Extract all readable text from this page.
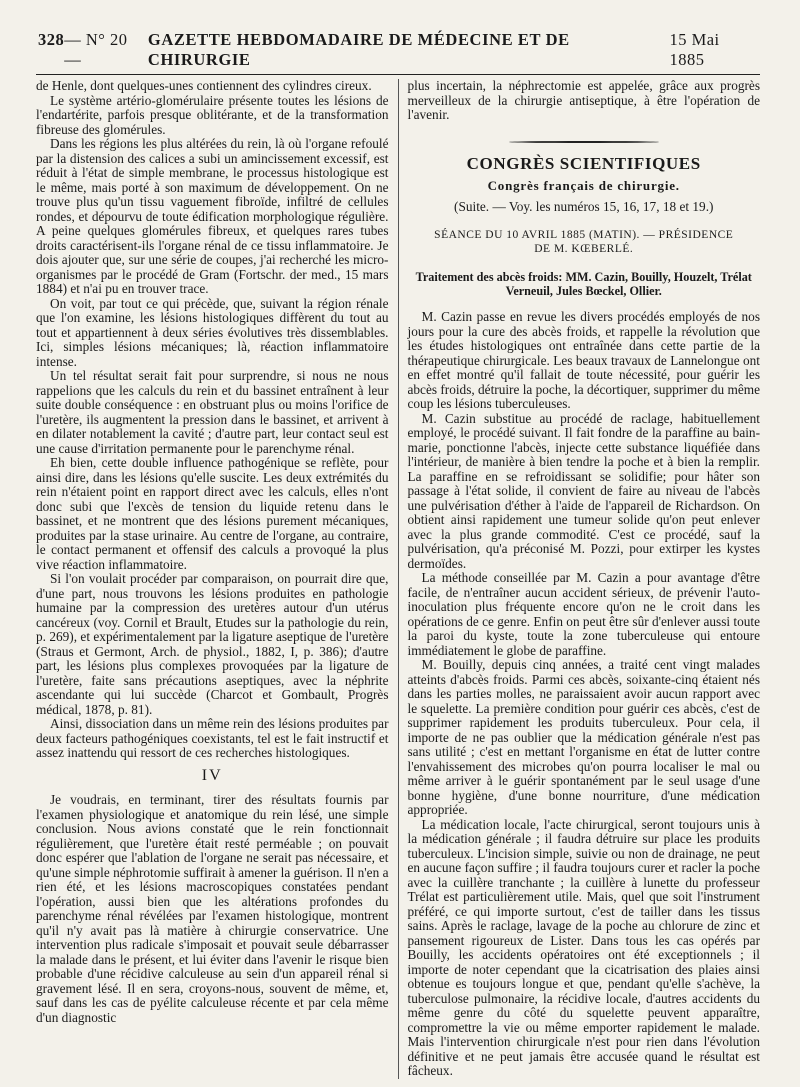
328 — N° 20 —
GAZETTE HEBDOMADAIRE DE MÉDECINE ET DE CHIRURGIE
15 Mai 1885

de Henle, dont quelques-unes contiennent des cylindres cireux.

Le système artério-glomérulaire présente toutes les lésions de l'endartérite, parfois presque oblitérante, et de la transformation fibreuse des glomérules.

Dans les régions les plus altérées du rein, là où l'organe refoulé par la distension des calices a subi un amincissement excessif, est réduit à l'état de simple membrane, le processus histologique est le même, mais porté à son maximum de développement. On ne trouve plus qu'un tissu vaguement fibroïde, infiltré de cellules rondes, et dépourvu de toute édification morphologique régulière. A peine quelques glomérules fibreux, et quelques rares tubes droits caractérisent-ils l'organe rénal de ce tissu inflammatoire. Je dois ajouter que, sur une série de coupes, j'ai recherché les micro-organismes par le procédé de Gram (Fortschr. der med., 15 mars 1884) et n'ai pu en trouver trace.

On voit, par tout ce qui précède, que, suivant la région rénale que l'on examine, les lésions histologiques diffèrent du tout au tout et appartiennent à deux séries évolutives très dissemblables. Ici, simples lésions mécaniques; là, réaction inflammatoire intense.

Un tel résultat serait fait pour surprendre, si nous ne nous rappelions que les calculs du rein et du bassinet entraînent à leur suite double conséquence : en obstruant plus ou moins l'orifice de l'uretère, ils augmentent la pression dans le bassinet, et arrivent à en dilater notablement la cavité ; d'autre part, leur contact seul est une cause d'irritation permanente pour le parenchyme rénal.

Eh bien, cette double influence pathogénique se reflète, pour ainsi dire, dans les lésions qu'elle suscite. Les deux extrémités du rein n'étaient point en rapport direct avec les calculs, elles n'ont donc subi que l'excès de tension du liquide retenu dans le bassinet, et ne montrent que des lésions purement mécaniques, produites par la stase urinaire. Au centre de l'organe, au contraire, le contact permanent et offensif des calculs a provoqué la plus vive réaction inflammatoire.

Si l'on voulait procéder par comparaison, on pourrait dire que, d'une part, nous trouvons les lésions produites en pathologie humaine par la compression des uretères autour d'un utérus cancéreux (voy. Cornil et Brault, Etudes sur la pathologie du rein, p. 269), et expérimentalement par la ligature aseptique de l'uretère (Straus et Germont, Arch. de physiol., 1882, I, p. 386); d'autre part, les lésions plus complexes provoquées par la ligature de l'uretère, faite sans précautions aseptiques, avec la néphrite ascendante qui lui succède (Charcot et Gombault, Progrès médical, 1878, p. 81).

Ainsi, dissociation dans un même rein des lésions produites par deux facteurs pathogéniques coexistants, tel est le fait instructif et assez inattendu qui ressort de ces recherches histologiques.

IV

Je voudrais, en terminant, tirer des résultats fournis par l'examen physiologique et anatomique du rein lésé, une simple conclusion. Nous avions constaté que le rein fonctionnait régulièrement, que l'uretère était resté perméable ; on pouvait donc espérer que l'ablation de l'organe ne serait pas nécessaire, et qu'une simple néphrotomie suffirait à amener la guérison. Il n'en a rien été, et les lésions macroscopiques constatées pendant l'opération, aussi bien que les altérations profondes du parenchyme rénal révélées par l'examen histologique, montrent qu'il n'y avait pas là matière à chirurgie conservatrice. Une intervention plus radicale s'imposait et pouvait seule débarrasser la malade dans le présent, et lui éviter dans l'avenir le risque bien probable d'une récidive calculeuse au sein d'un appareil rénal si gravement lésé. Il en sera, croyons-nous, souvent de même, et, sauf dans les cas de pyélite calculeuse récente et par cela même d'un diagnostic

plus incertain, la néphrectomie est appelée, grâce aux progrès merveilleux de la chirurgie antiseptique, à être l'opération de l'avenir.

CONGRÈS SCIENTIFIQUES
Congrès français de chirurgie.
(Suite. — Voy. les numéros 15, 16, 17, 18 et 19.)
SÉANCE DU 10 AVRIL 1885 (MATIN). — PRÉSIDENCE
DE M. KŒBERLÉ.
Traitement des abcès froids: MM. Cazin, Bouilly, Houzelt, Trélat Verneuil, Jules Bœckel, Ollier.

M. Cazin passe en revue les divers procédés employés de nos jours pour la cure des abcès froids, et rappelle la révolution que les études histologiques ont entraînée dans cette partie de la thérapeutique chirurgicale. Les beaux travaux de Lannelongue ont en effet montré qu'il fallait de toute nécessité, pour guérir les abcès froids, détruire la poche, la décortiquer, supprimer du même coup les lésions tuberculeuses.

M. Cazin substitue au procédé de raclage, habituellement employé, le procédé suivant. Il fait fondre de la paraffine au bain-marie, ponctionne l'abcès, injecte cette substance liquéfiée dans l'intérieur, de manière à bien tendre la poche et à bien la remplir. La paraffine en se refroidissant se solidifie; pour hâter son passage à l'état solide, il convient de faire au niveau de l'abcès une pulvérisation d'éther à l'aide de l'appareil de Richardson. On obtient ainsi rapidement une tumeur solide qu'on peut enlever avec la plus grande commodité. C'est ce procédé, sauf la pulvérisation, qu'a préconisé M. Pozzi, pour extirper les kystes dermoïdes.

La méthode conseillée par M. Cazin a pour avantage d'être facile, de n'entraîner aucun accident sérieux, de prévenir l'auto-inoculation plus fréquente encore qu'on ne le croit dans les opérations de ce genre. Enfin on peut être sûr d'enlever aussi toute la paroi du kyste, toute la zone tuberculeuse qui entoure immédiatement le globe de paraffine.

M. Bouilly, depuis cinq années, a traité cent vingt malades atteints d'abcès froids. Parmi ces abcès, soixante-cinq étaient nés dans les parties molles, ne paraissaient avoir aucun rapport avec le squelette. La première condition pour guérir ces abcès, c'est de supprimer rapidement les produits tuberculeux. Pour cela, il importe de ne pas oublier que la médication générale n'est pas sans utilité ; c'est en mettant l'organisme en état de lutter contre l'envahissement des microbes qu'on pourra localiser le mal ou même arriver à le guérir spontanément par le seul usage d'une bonne hygiène, d'une bonne nourriture, d'une médication appropriée.

La médication locale, l'acte chirurgical, seront toujours unis à la médication générale ; il faudra détruire sur place les produits tuberculeux. L'incision simple, suivie ou non de drainage, ne peut en aucune façon suffire ; il faudra toujours curer et racler la poche avec la cuillère tranchante ; la cuillère à lunette du professeur Trélat est particulièrement utile. Mais, quel que soit l'instrument préféré, ce qui importe surtout, c'est de tailler dans les tissus sains. Après le raclage, lavage de la poche au chlorure de zinc et pansement rigoureux de Lister. Dans tous les cas opérés par Bouilly, les accidents opératoires ont été exceptionnels ; il importe de noter cependant que la cicatrisation des plaies ainsi obtenue es toujours longue et que, pendant qu'elle s'achève, la tuberculose pulmonaire, la récidive locale, d'autres accidents du même genre du côté du squelette peuvent apparaître, compromettre la vie ou même emporter rapidement le malade. Mais l'intervention chirurgicale n'est pour rien dans l'évolution définitive et ne peut jamais être accusée quand le résultat est fâcheux.
